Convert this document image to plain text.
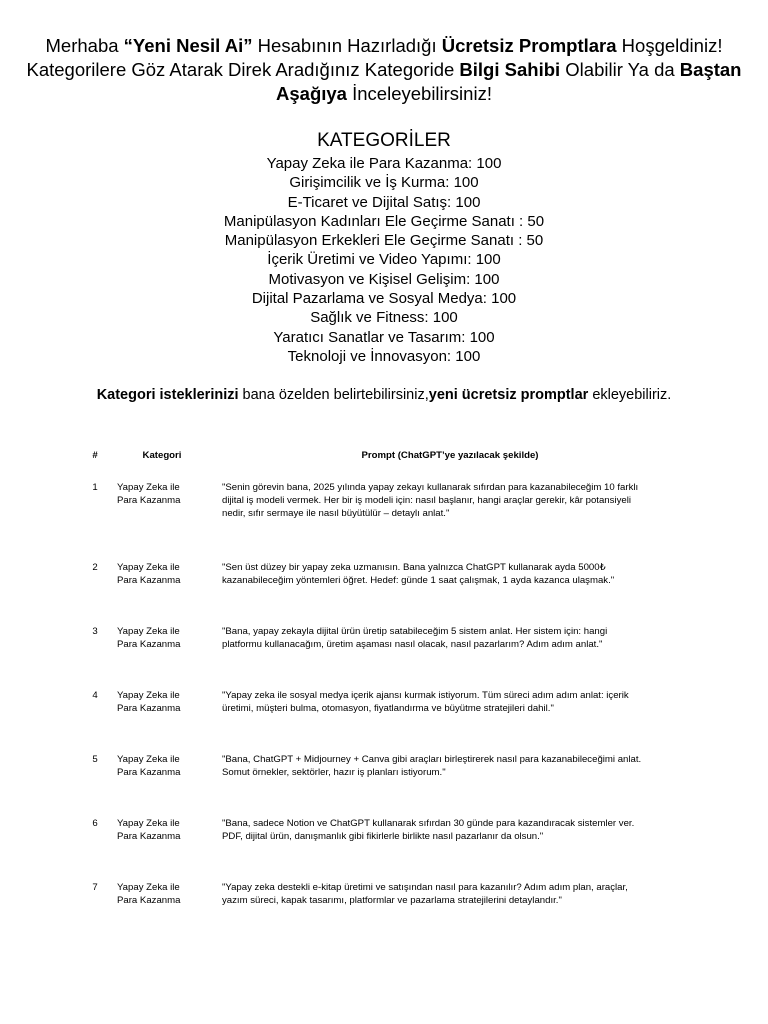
Merhaba “Yeni Nesil Ai” Hesabının Hazırladığı Ücretsiz Promptlara Hoşgeldiniz! Kategorilere Göz Atarak Direk Aradığınız Kategoride Bilgi Sahibi Olabilir Ya da Baştan Aşağıya İnceleyebilirsiniz!
KATEGORİLER
Yapay Zeka ile Para Kazanma: 100
Girişimcilik ve İş Kurma: 100
E-Ticaret ve Dijital Satış: 100
Manipülasyon Kadınları Ele Geçirme Sanatı : 50
Manipülasyon Erkekleri Ele Geçirme Sanatı : 50
İçerik Üretimi ve Video Yapımı: 100
Motivasyon ve Kişisel Gelişim: 100
Dijital Pazarlama ve Sosyal Medya: 100
Sağlık ve Fitness: 100
Yaratıcı Sanatlar ve Tasarım: 100
Teknoloji ve İnnovasyon: 100
Kategori isteklerinizi bana özelden belirtebilirsiniz,yeni ücretsiz promptlar ekleyebiliriz.
#	Kategori	Prompt (ChatGPT’ye yazılacak şekilde)
1	Yapay Zeka ile
Para Kazanma
"Senin görevin bana, 2025 yılında yapay zekayı kullanarak sıfırdan para kazanabileceğim 10 farklı
dijital iş modeli vermek. Her bir iş modeli için: nasıl başlanır, hangi araçlar gerekir, kâr potansiyeli
nedir, sıfır sermaye ile nasıl büyütülür – detaylı anlat."
2	Yapay Zeka ile
Para Kazanma
"Sen üst düzey bir yapay zeka uzmanısın. Bana yalnızca ChatGPT kullanarak ayda 5000₺
kazanabileceğim yöntemleri öğret. Hedef: günde 1 saat çalışmak, 1 ayda kazanca ulaşmak."
3	Yapay Zeka ile
Para Kazanma
"Bana, yapay zekayla dijital ürün üretip satabileceğim 5 sistem anlat. Her sistem için: hangi
platformu kullanacağım, üretim aşaması nasıl olacak, nasıl pazarlarım? Adım adım anlat."
4	Yapay Zeka ile
Para Kazanma
"Yapay zeka ile sosyal medya içerik ajansı kurmak istiyorum. Tüm süreci adım adım anlat: içerik
üretimi, müşteri bulma, otomasyon, fiyatlandırma ve büyütme stratejileri dahil."
5	Yapay Zeka ile
Para Kazanma
"Bana, ChatGPT + Midjourney + Canva gibi araçları birleştirerek nasıl para kazanabileceğimi anlat.
Somut örnekler, sektörler, hazır iş planları istiyorum."
6	Yapay Zeka ile
Para Kazanma
"Bana, sadece Notion ve ChatGPT kullanarak sıfırdan 30 günde para kazandıracak sistemler ver.
PDF, dijital ürün, danışmanlık gibi fikirlerle birlikte nasıl pazarlanır da olsun."
7	Yapay Zeka ile
Para Kazanma
"Yapay zeka destekli e-kitap üretimi ve satışından nasıl para kazanılır? Adım adım plan, araçlar,
yazım süreci, kapak tasarımı, platformlar ve pazarlama stratejilerini detaylandır."
